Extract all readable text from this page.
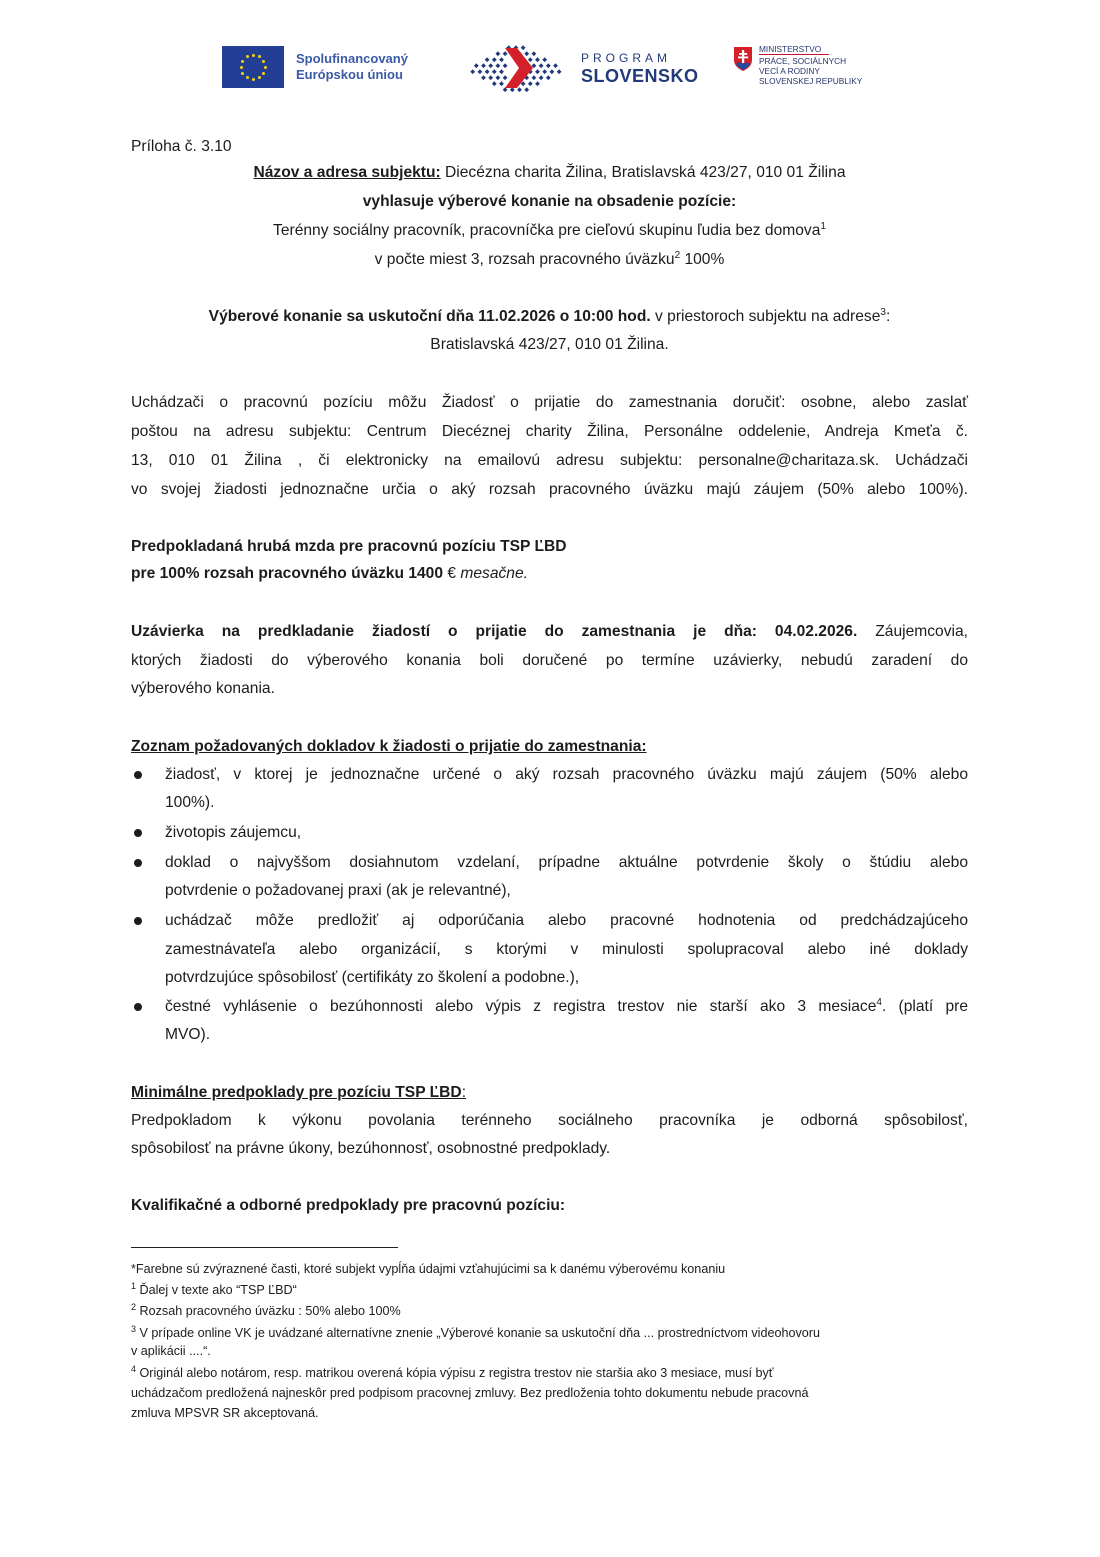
Spolufinancovaný
Európskou úniou
PROGRAM
SLOVENSKO
MINISTERSTVO
PRÁCE, SOCIÁLNYCH
VECÍ A RODINY
SLOVENSKEJ REPUBLIKY
Príloha č. 3.10
Názov a adresa subjektu: Diecézna charita Žilina, Bratislavská 423/27, 010 01 Žilina
vyhlasuje výberové konanie na obsadenie pozície:
Terénny sociálny pracovník, pracovníčka pre cieľovú skupinu ľudia bez domova$^1$
v počte miest 3, rozsah pracovného úväzku$^2$ 100%
Výberové konanie sa uskutoční dňa 11.02.2026 o 10:00 hod. v priestoroch subjektu na adrese$^3$:
Bratislavská 423/27, 010 01 Žilina.
Uchádzači o pracovnú pozíciu môžu Žiadosť o prijatie do zamestnania doručiť: osobne, alebo zaslať
poštou na adresu subjektu: Centrum Diecéznej charity Žilina, Personálne oddelenie, Andreja Kmeťa č.
13, 010 01 Žilina , či elektronicky na emailovú adresu subjektu: personalne@charitaza.sk. Uchádzači
vo svojej žiadosti jednoznačne určia o aký rozsah pracovného úväzku majú záujem (50% alebo 100%).
Predpokladaná hrubá mzda pre pracovnú pozíciu TSP ĽBD
pre 100% rozsah pracovného úväzku 1400 € mesačne.
Uzávierka na predkladanie žiadostí o prijatie do zamestnania je dňa: 04.02.2026. Záujemcovia,
ktorých žiadosti do výberového konania boli doručené po termíne uzávierky, nebudú zaradení do
výberového konania.
Zoznam požadovaných dokladov k žiadosti o prijatie do zamestnania:
žiadosť, v ktorej je jednoznačne určené o aký rozsah pracovného úväzku majú záujem (50% alebo
100%).
životopis záujemcu,
doklad o najvyššom dosiahnutom vzdelaní, prípadne aktuálne potvrdenie školy o štúdiu alebo
potvrdenie o požadovanej praxi (ak je relevantné),
uchádzač môže predložiť aj odporúčania alebo pracovné hodnotenia od predchádzajúceho
zamestnávateľa alebo organizácií, s ktorými v minulosti spolupracoval alebo iné doklady
potvrdzujúce spôsobilosť (certifikáty zo školení a podobne.),
čestné vyhlásenie o bezúhonnosti alebo výpis z registra trestov nie starší ako 3 mesiace$^4$. (platí pre
MVO).
Minimálne predpoklady pre pozíciu TSP ĽBD:
Predpokladom k výkonu povolania terénneho sociálneho pracovníka je odborná spôsobilosť,
spôsobilosť na právne úkony, bezúhonnosť, osobnostné predpoklady.
Kvalifikačné a odborné predpoklady pre pracovnú pozíciu:
*Farebne sú zvýraznené časti, ktoré subjekt vypĺňa údajmi vzťahujúcimi sa k danému výberovému konaniu
$^1$ Ďalej v texte ako “TSP ĽBD“
$^2$ Rozsah pracovného úväzku : 50% alebo 100%
$^3$ V prípade online VK je uvádzané alternatívne znenie „Výberové konanie sa uskutoční dňa ... prostredníctvom videohovoru
v aplikácii ....“.
$^4$ Originál alebo notárom, resp. matrikou overená kópia výpisu z registra trestov nie staršia ako 3 mesiace, musí byť
uchádzačom predložená najneskôr pred podpisom pracovnej zmluvy. Bez predloženia tohto dokumentu nebude pracovná
zmluva MPSVR SR akceptovaná.
